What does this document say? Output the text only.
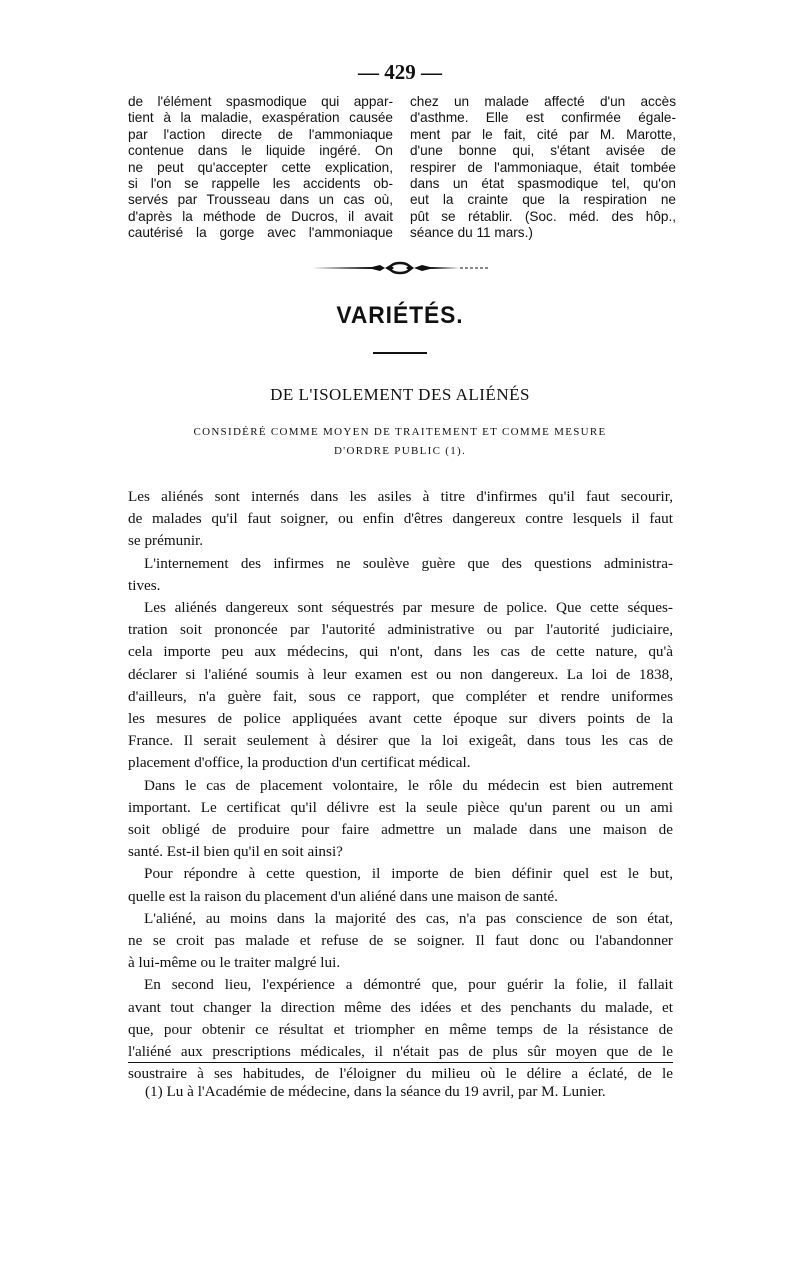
— 429 —
de l'élément spasmodique qui appar-
tient à la maladie, exaspération causée
par l'action directe de l'ammoniaque
contenue dans le liquide ingéré. On
ne peut qu'accepter cette explication,
si l'on se rappelle les accidents ob-
servés par Trousseau dans un cas où,
d'après la méthode de Ducros, il avait
cautérisé la gorge avec l'ammoniaque
chez un malade affecté d'un accès
d'asthme. Elle est confirmée égale-
ment par le fait, cité par M. Marotte,
d'une bonne qui, s'étant avisée de
respirer de l'ammoniaque, était tombée
dans un état spasmodique tel, qu'on
eut la crainte que la respiration ne
pût se rétablir. (Soc. méd. des hôp.,
séance du 11 mars.)
VARIÉTÉS.
DE L'ISOLEMENT DES ALIÉNÉS
CONSIDÉRÉ COMME MOYEN DE TRAITEMENT ET COMME MESURE
D'ORDRE PUBLIC (1).
Les aliénés sont internés dans les asiles à titre d'infirmes qu'il faut secourir,
de malades qu'il faut soigner, ou enfin d'êtres dangereux contre lesquels il faut
se prémunir.
L'internement des infirmes ne soulève guère que des questions administra-
tives.
Les aliénés dangereux sont séquestrés par mesure de police. Que cette séques-
tration soit prononcée par l'autorité administrative ou par l'autorité judiciaire,
cela importe peu aux médecins, qui n'ont, dans les cas de cette nature, qu'à
déclarer si l'aliéné soumis à leur examen est ou non dangereux. La loi de 1838,
d'ailleurs, n'a guère fait, sous ce rapport, que compléter et rendre uniformes
les mesures de police appliquées avant cette époque sur divers points de la
France. Il serait seulement à désirer que la loi exigeât, dans tous les cas de
placement d'office, la production d'un certificat médical.
Dans le cas de placement volontaire, le rôle du médecin est bien autrement
important. Le certificat qu'il délivre est la seule pièce qu'un parent ou un ami
soit obligé de produire pour faire admettre un malade dans une maison de
santé. Est-il bien qu'il en soit ainsi?
Pour répondre à cette question, il importe de bien définir quel est le but,
quelle est la raison du placement d'un aliéné dans une maison de santé.
L'aliéné, au moins dans la majorité des cas, n'a pas conscience de son état,
ne se croit pas malade et refuse de se soigner. Il faut donc ou l'abandonner
à lui-même ou le traiter malgré lui.
En second lieu, l'expérience a démontré que, pour guérir la folie, il fallait
avant tout changer la direction même des idées et des penchants du malade, et
que, pour obtenir ce résultat et triompher en même temps de la résistance de
l'aliéné aux prescriptions médicales, il n'était pas de plus sûr moyen que de le
soustraire à ses habitudes, de l'éloigner du milieu où le délire a éclaté, de le
(1) Lu à l'Académie de médecine, dans la séance du 19 avril, par M. Lunier.
